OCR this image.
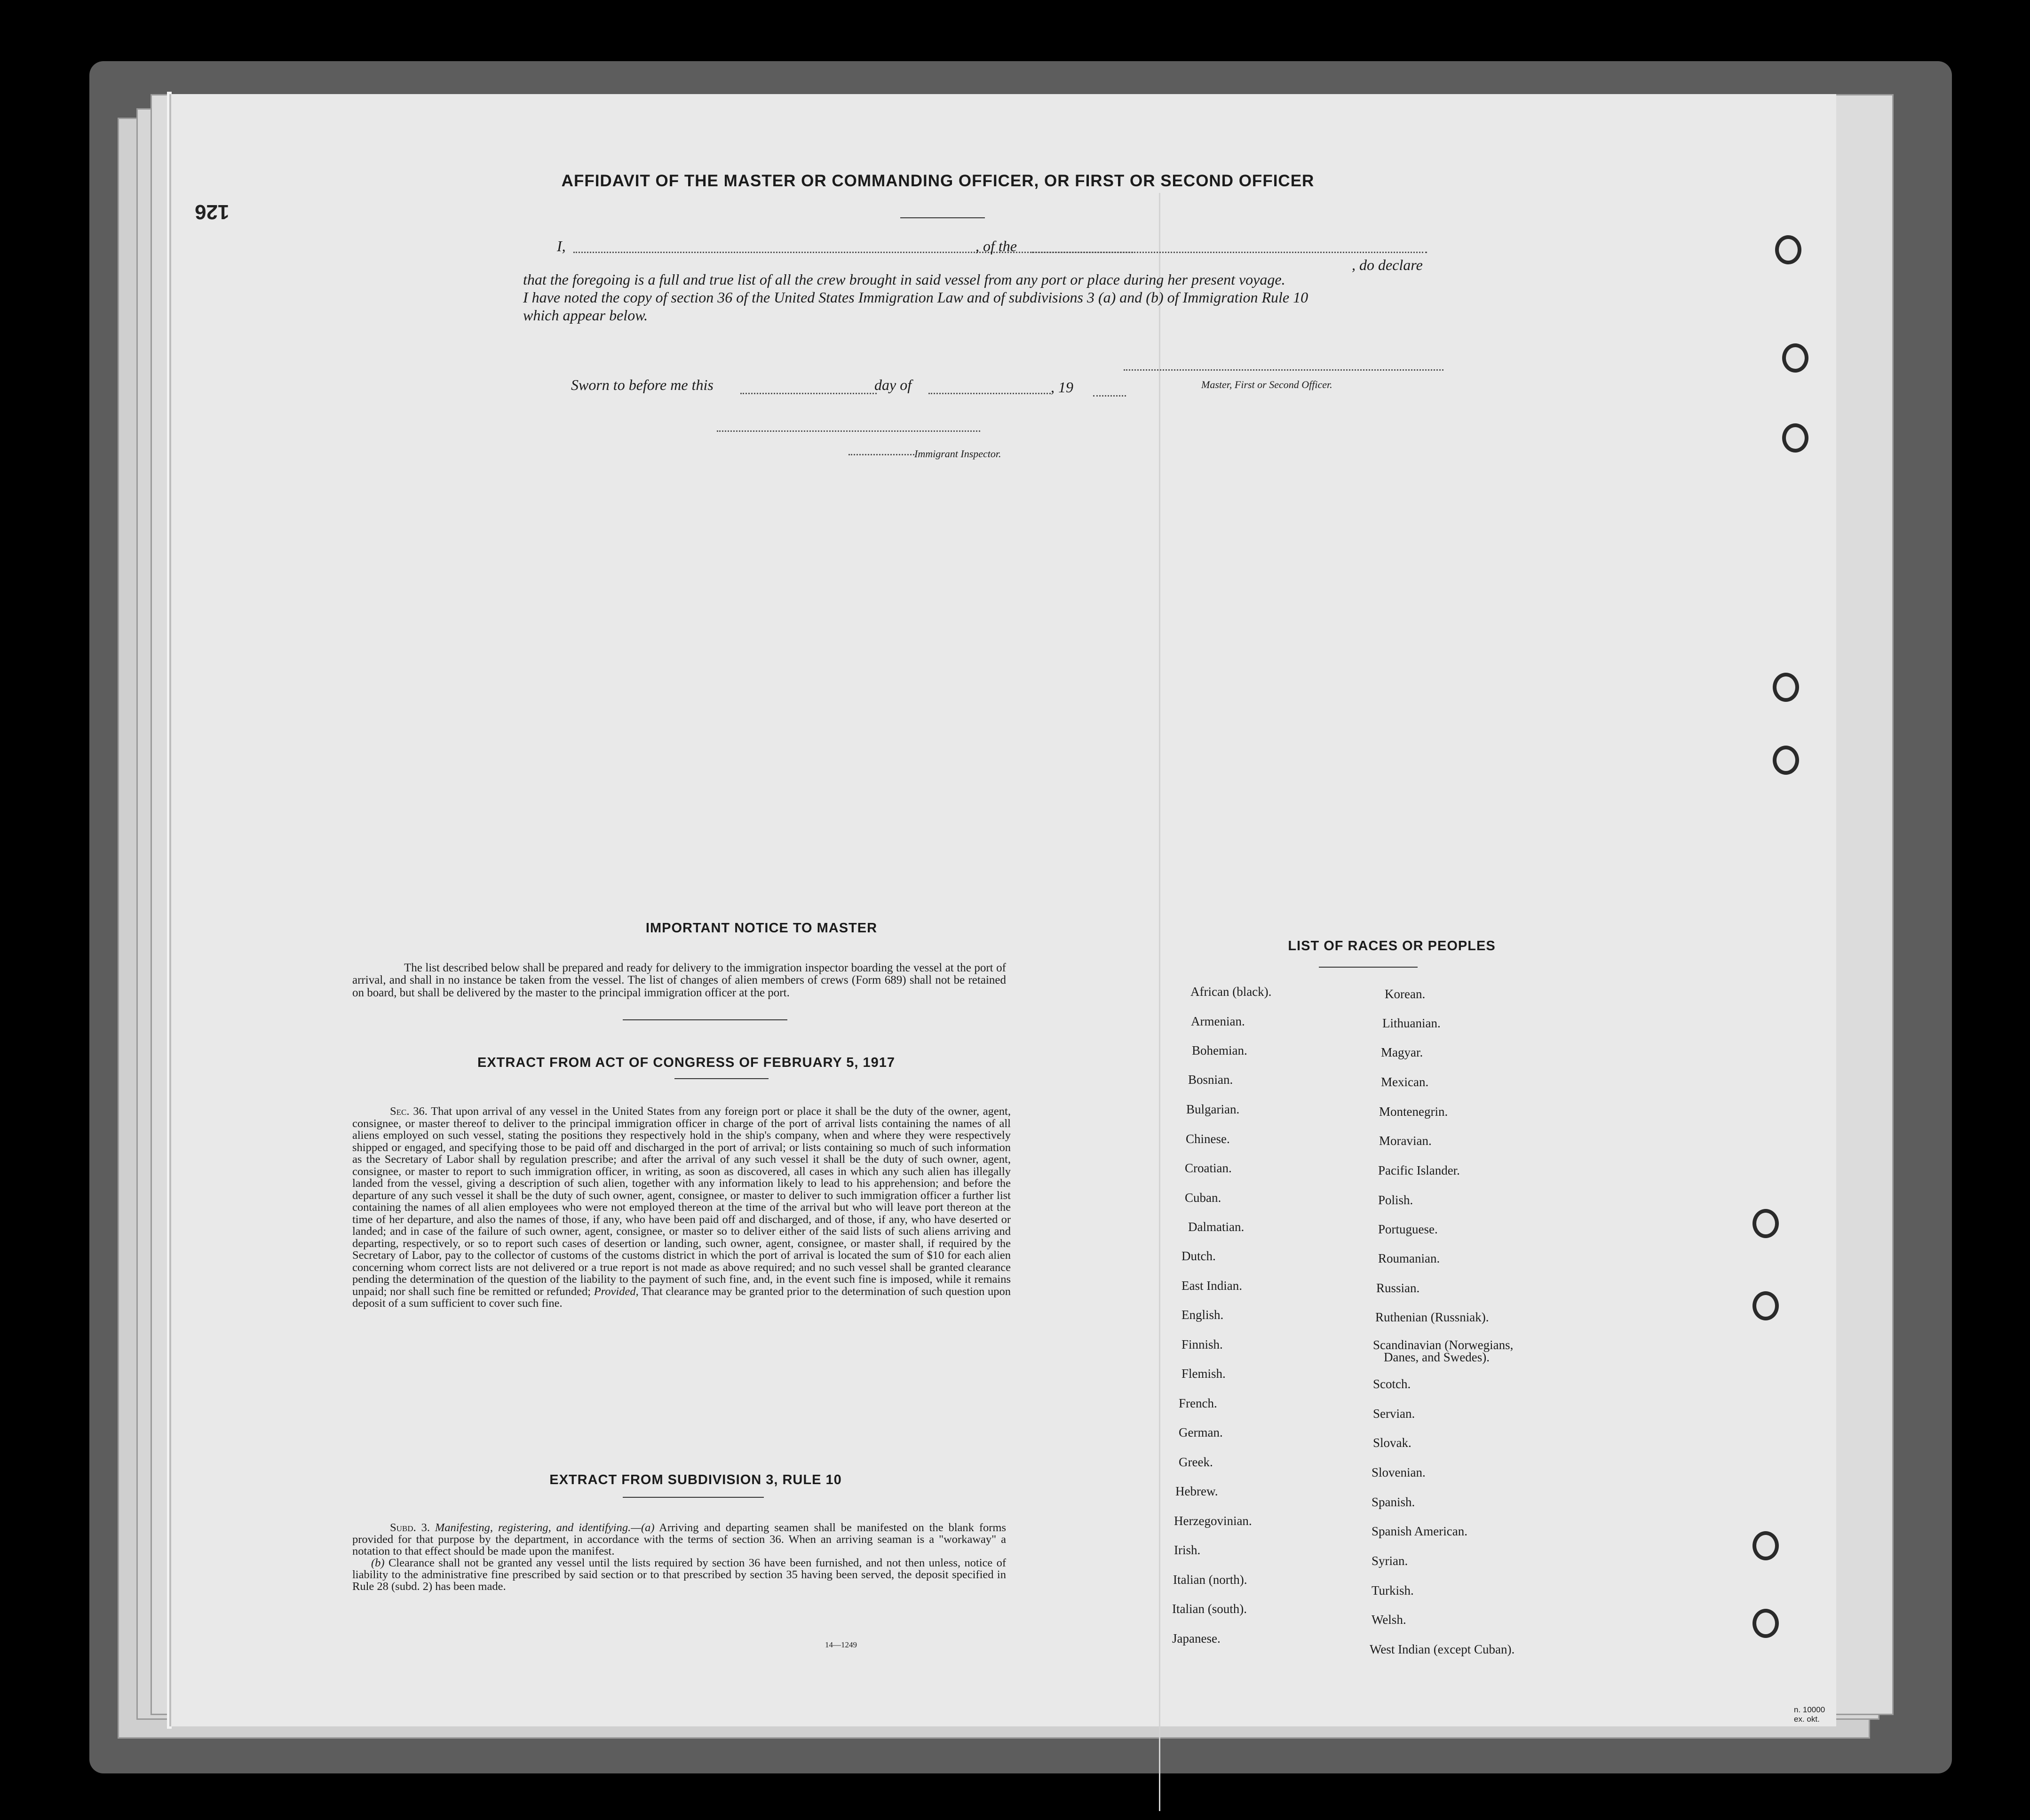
126
AFFIDAVIT OF THE MASTER OR COMMANDING OFFICER, OR FIRST OR SECOND OFFICER
I,	, of the
, do declare
that the foregoing is a full and true list of all the crew brought in said vessel from any port or place during her present voyage.
I have noted the copy of section 36 of the United States Immigration Law and of subdivisions 3 (a) and (b) of Immigration Rule 10
which appear below.
Master, First or Second Officer.
Sworn to before me this	day of	, 19
Immigrant Inspector.
IMPORTANT NOTICE TO MASTER
The list described below shall be prepared and ready for delivery to the immigration inspector boarding the vessel at the port of arrival, and shall in no instance be taken from the vessel. The list of changes of alien members of crews (Form 689) shall not be retained on board, but shall be delivered by the master to the principal immigration officer at the port.
EXTRACT FROM ACT OF CONGRESS OF FEBRUARY 5, 1917
Sec. 36. That upon arrival of any vessel in the United States from any foreign port or place it shall be the duty of the owner, agent, consignee, or master thereof to deliver to the principal immigration officer in charge of the port of arrival lists containing the names of all aliens employed on such vessel, stating the positions they respectively hold in the ship's company, when and where they were respectively shipped or engaged, and specifying those to be paid off and discharged in the port of arrival; or lists containing so much of such information as the Secretary of Labor shall by regulation prescribe; and after the arrival of any such vessel it shall be the duty of such owner, agent, consignee, or master to report to such immigration officer, in writing, as soon as discovered, all cases in which any such alien has illegally landed from the vessel, giving a description of such alien, together with any information likely to lead to his apprehension; and before the departure of any such vessel it shall be the duty of such owner, agent, consignee, or master to deliver to such immigration officer a further list containing the names of all alien employees who were not employed thereon at the time of the arrival but who will leave port thereon at the time of her departure, and also the names of those, if any, who have been paid off and discharged, and of those, if any, who have deserted or landed; and in case of the failure of such owner, agent, consignee, or master so to deliver either of the said lists of such aliens arriving and departing, respectively, or so to report such cases of desertion or landing, such owner, agent, consignee, or master shall, if required by the Secretary of Labor, pay to the collector of customs of the customs district in which the port of arrival is located the sum of $10 for each alien concerning whom correct lists are not delivered or a true report is not made as above required; and no such vessel shall be granted clearance pending the determination of the question of the liability to the payment of such fine, and, in the event such fine is imposed, while it remains unpaid; nor shall such fine be remitted or refunded; Provided, That clearance may be granted prior to the determination of such question upon deposit of a sum sufficient to cover such fine.
EXTRACT FROM SUBDIVISION 3, RULE 10
Subd. 3. Manifesting, registering, and identifying.—(a) Arriving and departing seamen shall be manifested on the blank forms provided for that purpose by the department, in accordance with the terms of section 36. When an arriving seaman is a "workaway" a notation to that effect should be made upon the manifest.
(b) Clearance shall not be granted any vessel until the lists required by section 36 have been furnished, and not then unless, notice of liability to the administrative fine prescribed by said section or to that prescribed by section 35 having been served, the deposit specified in Rule 28 (subd. 2) has been made.
14—1249
LIST OF RACES OR PEOPLES
African (black).
Armenian.
Bohemian.
Bosnian.
Bulgarian.
Chinese.
Croatian.
Cuban.
Dalmatian.
Dutch.
East Indian.
English.
Finnish.
Flemish.
French.
German.
Greek.
Hebrew.
Herzegovinian.
Irish.
Italian (north).
Italian (south).
Japanese.
Korean.
Lithuanian.
Magyar.
Mexican.
Montenegrin.
Moravian.
Pacific Islander.
Polish.
Portuguese.
Roumanian.
Russian.
Ruthenian (Russniak).
Scandinavian (Norwegians,
Danes, and Swedes).
Scotch.
Servian.
Slovak.
Slovenian.
Spanish.
Spanish American.
Syrian.
Turkish.
Welsh.
West Indian (except Cuban).
n. 10000 ex. okt.
